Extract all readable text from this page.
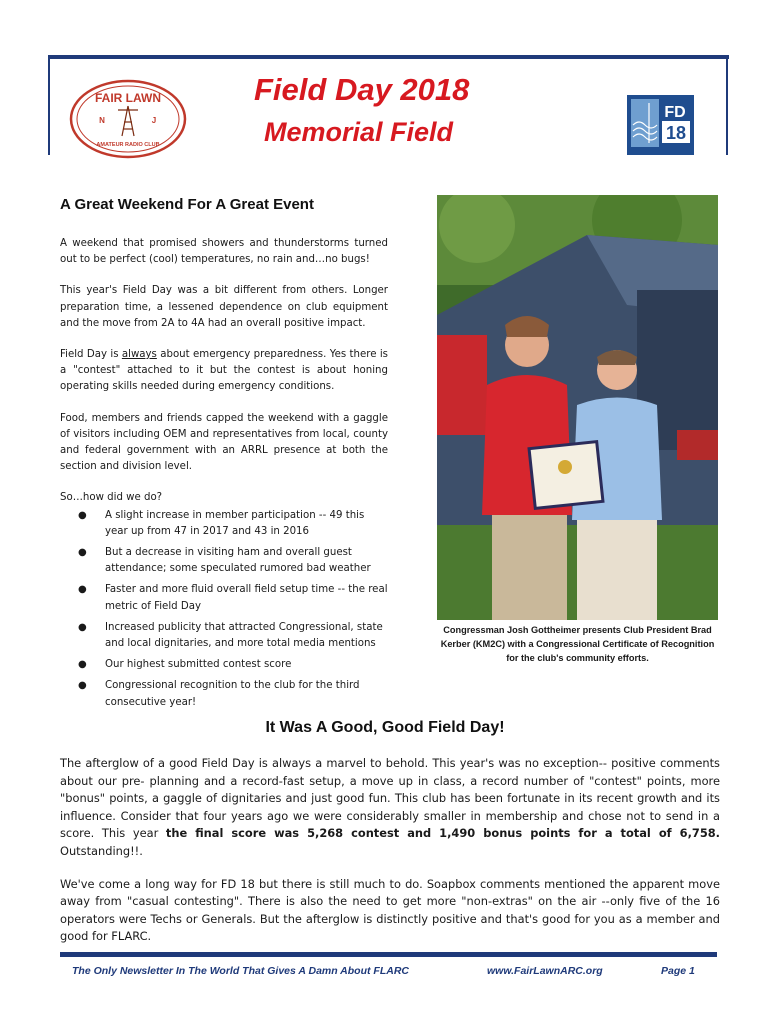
FAIR LAWN
N	J
AMATEUR RADIO CLUB
FD
18
Field Day 2018
Memorial Field
A Great Weekend For A Great Event

A weekend that promised showers and thunderstorms turned out to be perfect (cool) temperatures, no rain and…no bugs!

This year's Field Day was a bit different from others. Longer preparation time, a lessened dependence on club equipment and the move from 2A to 4A had an overall positive impact.

Field Day is always about emergency preparedness. Yes there is a "contest" attached to it but the contest is about honing operating skills needed during emergency conditions.

Food, members and friends capped the weekend with a gaggle of visitors including OEM and representatives from local, county and federal government with an ARRL presence at both the section and division level.

So…how did we do?

● A slight increase in member participation -- 49 this year up from 47 in 2017 and 43 in 2016
● But a decrease in visiting ham and overall guest attendance; some speculated rumored bad weather
● Faster and more fluid overall field setup time -- the real metric of Field Day
● Increased publicity that attracted Congressional, state and local dignitaries, and more total media mentions
● Our highest submitted contest score
● Congressional recognition to the club for the third consecutive year!
Congressman Josh Gottheimer presents Club President Brad Kerber (KM2C) with a Congressional Certificate of Recognition for the club's community efforts.
It Was A Good, Good Field Day!

The afterglow of a good Field Day is always a marvel to behold. This year's was no exception-- positive comments about our pre- planning and a record-fast setup, a move up in class, a record number of "contest" points, more "bonus" points, a gaggle of dignitaries and just good fun. This club has been fortunate in its recent growth and its influence. Consider that four years ago we were considerably smaller in membership and chose not to send in a score. This year the final score was 5,268 contest and 1,490 bonus points for a total of 6,758. Outstanding!!.

We've come a long way for FD 18 but there is still much to do. Soapbox comments mentioned the apparent move away from "casual contesting". There is also the need to get more "non-extras" on the air --only five of the 16 operators were Techs or Generals. But the afterglow is distinctly positive and that's good for you as a member and good for FLARC.

The Only Newsletter In The World That Gives A Damn About FLARC	www.FairLawnARC.org	Page 1
